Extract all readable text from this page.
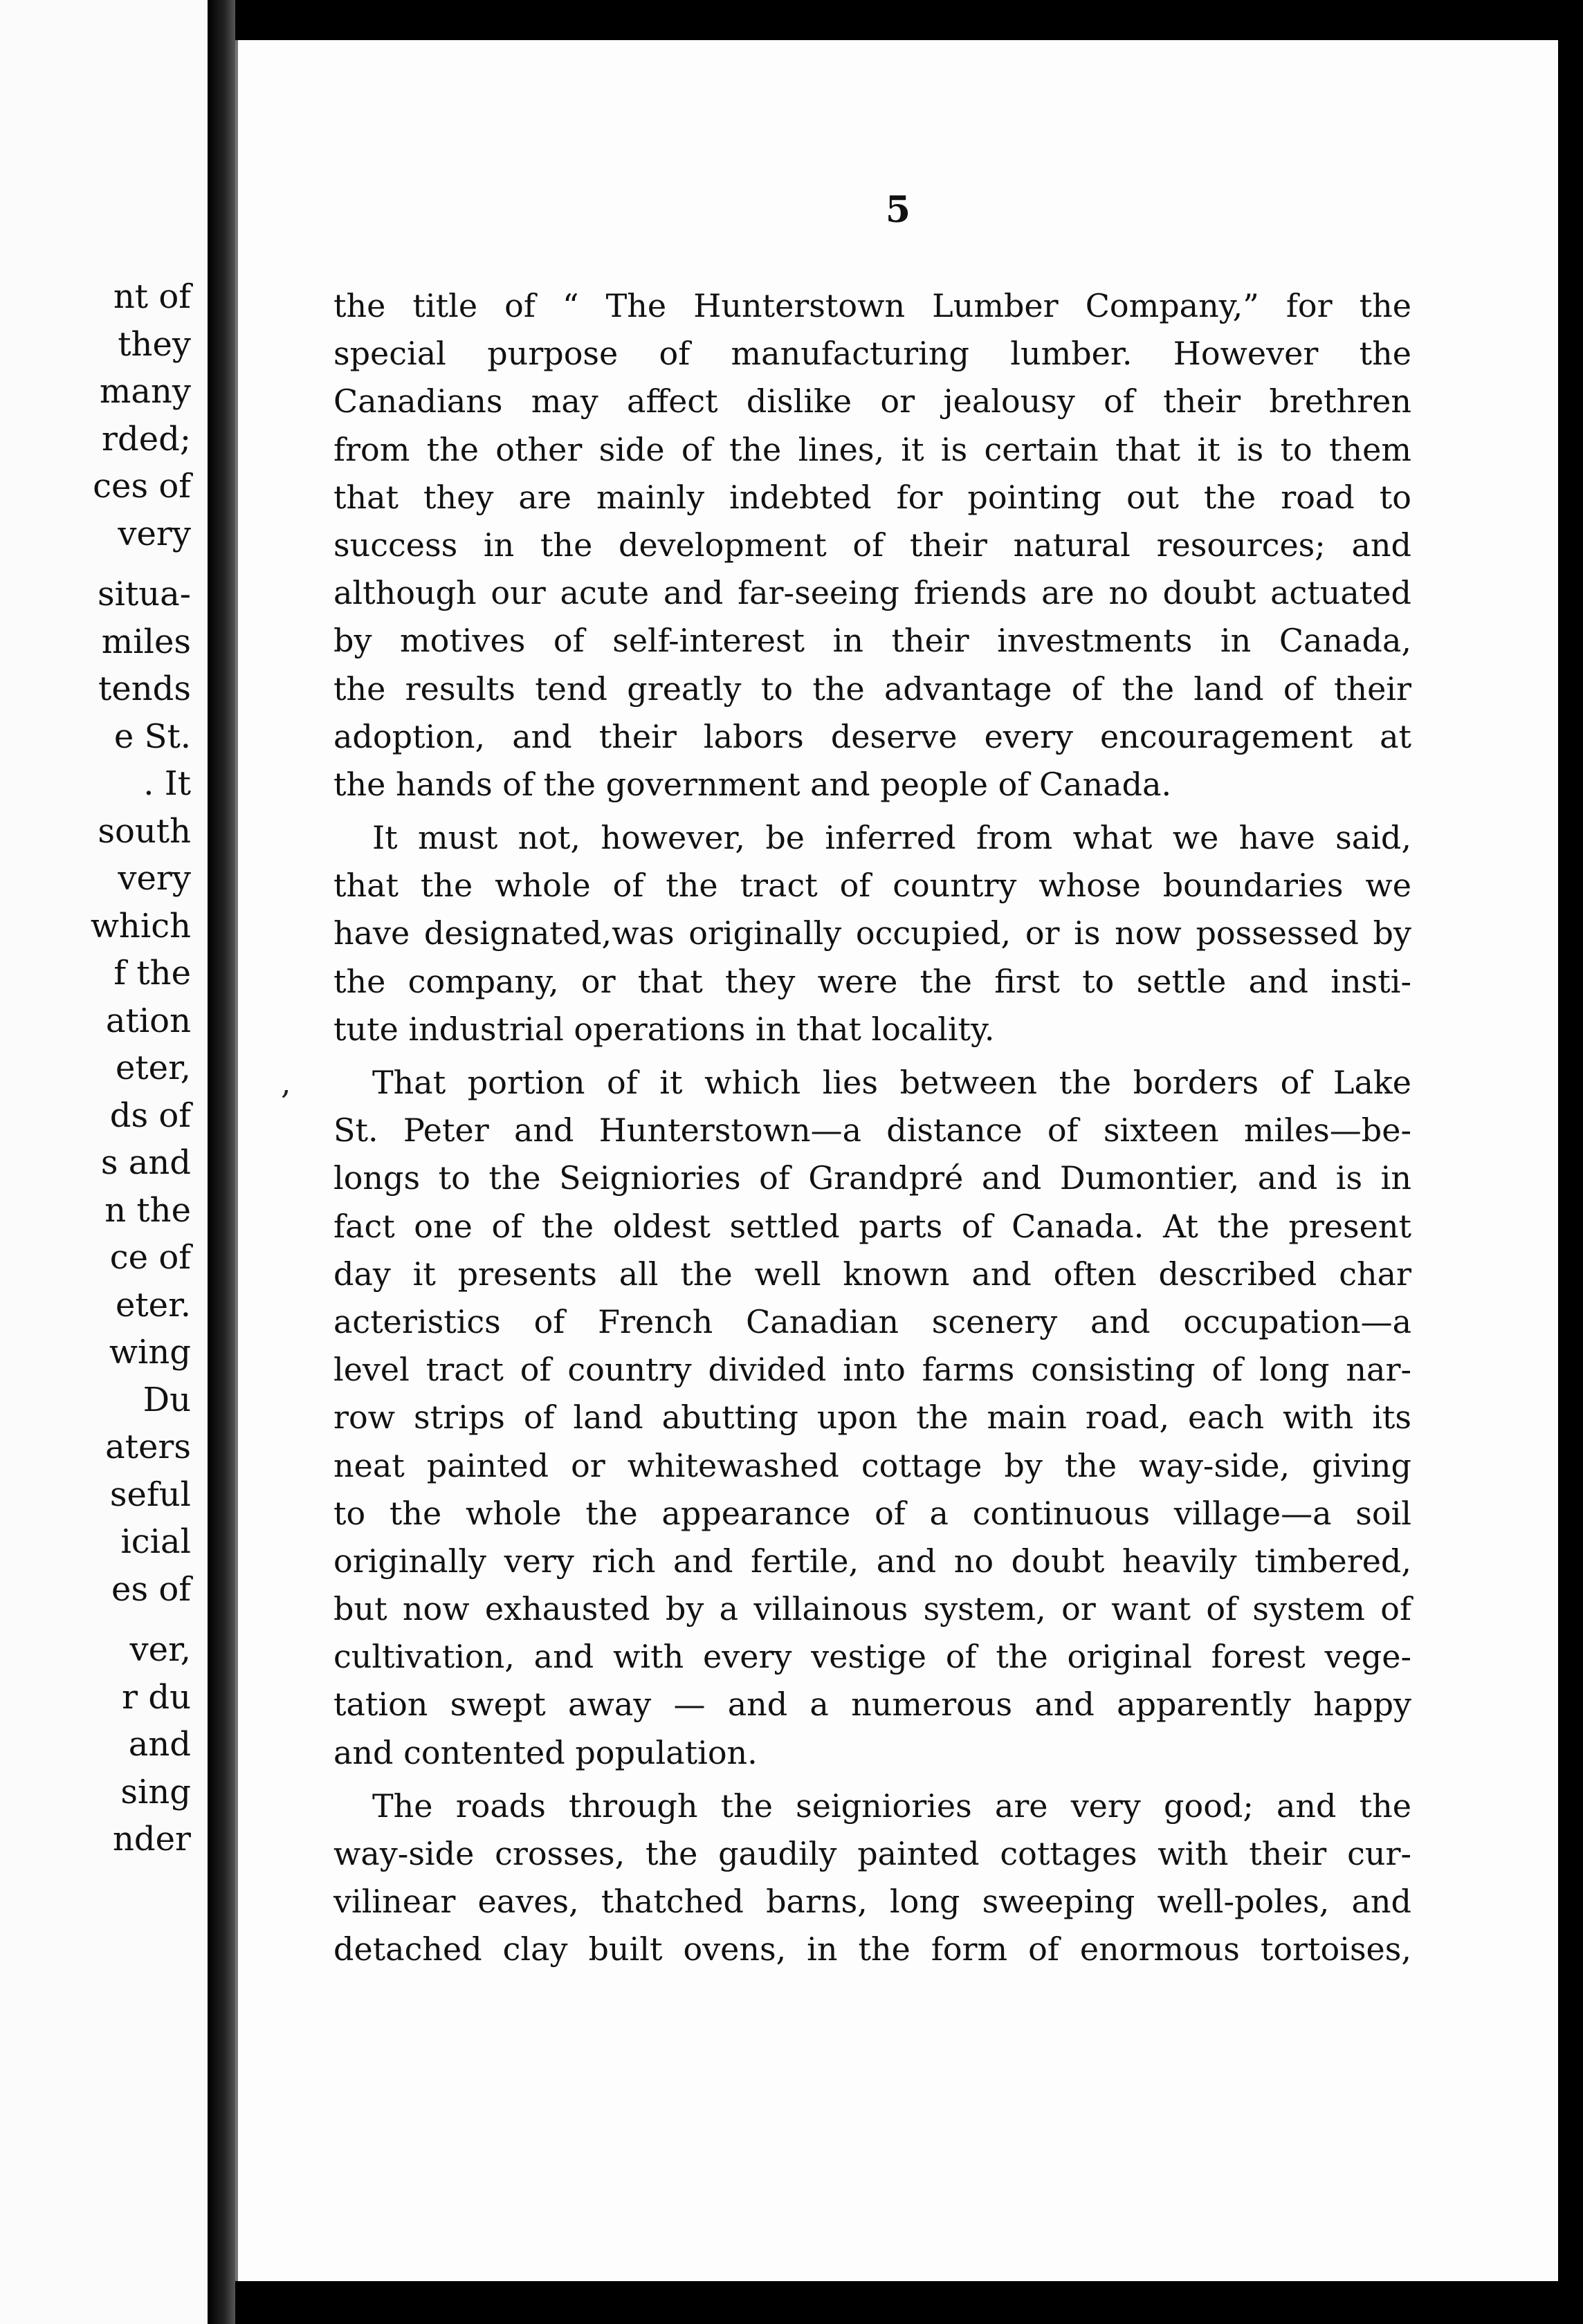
nt of
they
many
rded;
ces of
very
situa-
miles
tends
e St.
. It
south
very
which
f the
ation
eter,
ds of
s and
n the
ce of
eter.
wing
Du
aters
seful
icial
es of
ver,
r du
and
sing
nder
5
the title of “ The Hunterstown Lumber Company,” for the
special purpose of manufacturing lumber. However the
Canadians may affect dislike or jealousy of their brethren
from the other side of the lines, it is certain that it is to them
that they are mainly indebted for pointing out the road to
success in the development of their natural resources; and
although our acute and far-seeing friends are no doubt actuated
by motives of self-interest in their investments in Canada,
the results tend greatly to the advantage of the land of their
adoption, and their labors deserve every encouragement at
the hands of the government and people of Canada.
It must not, however, be inferred from what we have said,
that the whole of the tract of country whose boundaries we
have designated,was originally occupied, or is now possessed by
the company, or that they were the first to settle and insti-
tute industrial operations in that locality.
That portion of it which lies between the borders of Lake
St. Peter and Hunterstown—a distance of sixteen miles—be-
longs to the Seigniories of Grandpré and Dumontier, and is in
fact one of the oldest settled parts of Canada. At the present
day it presents all the well known and often described char
acteristics of French Canadian scenery and occupation—a
level tract of country divided into farms consisting of long nar-
row strips of land abutting upon the main road, each with its
neat painted or whitewashed cottage by the way-side, giving
to the whole the appearance of a continuous village—a soil
originally very rich and fertile, and no doubt heavily timbered,
but now exhausted by a villainous system, or want of system of
cultivation, and with every vestige of the original forest vege-
tation swept away — and a numerous and apparently happy
and contented population.
The roads through the seigniories are very good; and the
way-side crosses, the gaudily painted cottages with their cur-
vilinear eaves, thatched barns, long sweeping well-poles, and
detached clay built ovens, in the form of enormous tortoises,
,
